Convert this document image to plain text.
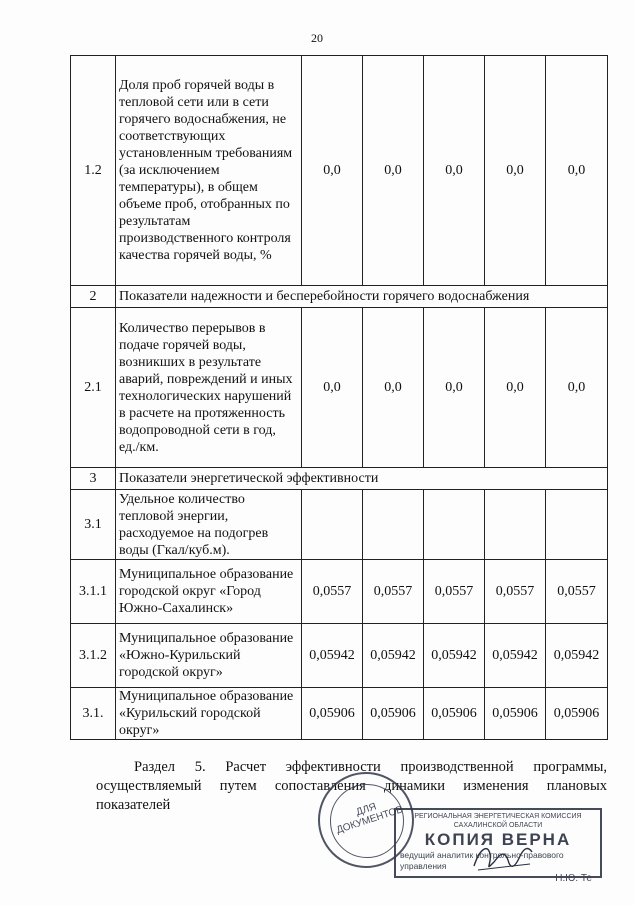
20
1.2	Доля проб горячей воды в тепловой сети или в сети горячего водоснабжения, не соответствующих установленным требованиям (за исключением температуры), в общем объеме проб, отобранных по результатам производственного контроля качества горячей воды, %	0,0	0,0	0,0	0,0	0,0
2	Показатели надежности и бесперебойности горячего водоснабжения					
2.1	Количество перерывов в подаче горячей воды, возникших в результате аварий, повреждений и иных технологических нарушений в расчете на протяженность водопроводной сети в год, ед./км.	0,0	0,0	0,0	0,0	0,0
3	Показатели энергетической эффективности					
3.1	Удельное количество тепловой энергии, расходуемое на подогрев воды (Гкал/куб.м).					
3.1.1	Муниципальное образование городской округ «Город Южно-Сахалинск»	0,0557	0,0557	0,0557	0,0557	0,0557
3.1.2	Муниципальное образование «Южно-Курильский городской округ»	0,05942	0,05942	0,05942	0,05942	0,05942
3.1.	Муниципальное образование «Курильский городской округ»	0,05906	0,05906	0,05906	0,05906	0,05906
Раздел 5. Расчет эффективности производственной программы, осуществляемый путем сопоставления динамики изменения плановых показателей	ДЛЯ ДОКУМЕНТОВ	РЕГИОНАЛЬНАЯ ЭНЕРГЕТИЧЕСКАЯ КОМИССИЯ САХАЛИНСКОЙ ОБЛАСТИ
КОПИЯ ВЕРНА
ведущий аналитик контрольно-правового управления
Н.Ю. Те
